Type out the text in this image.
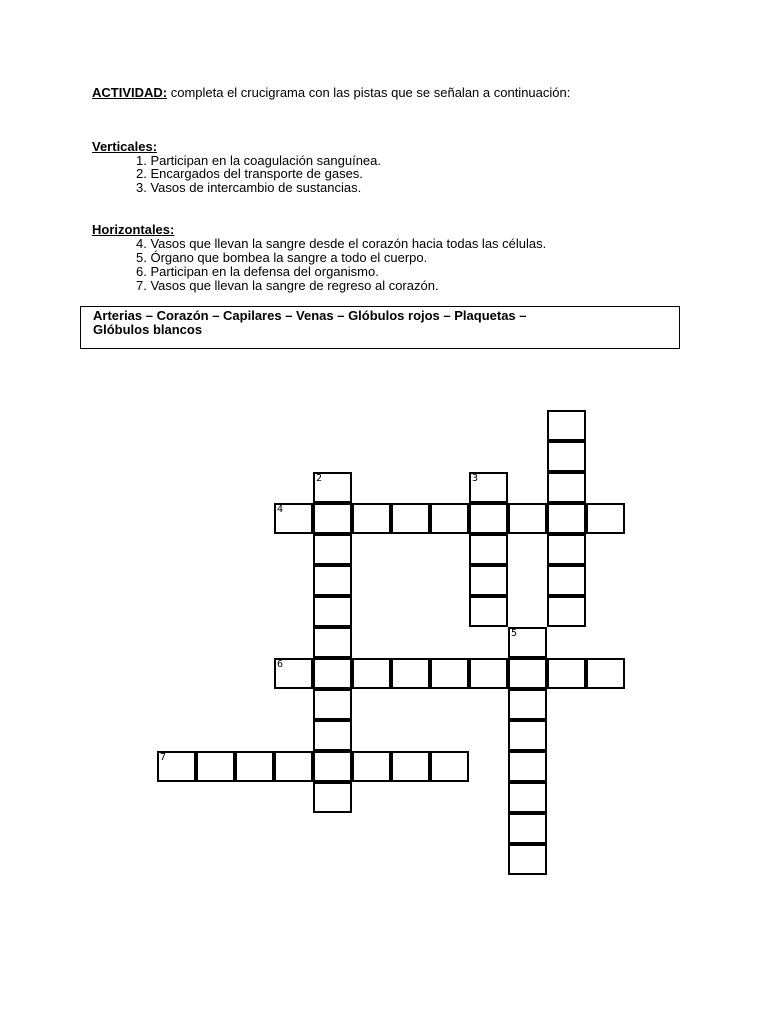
ACTIVIDAD: completa el crucigrama con las pistas que se señalan a continuación:
Verticales:
1. Participan en la coagulación sanguínea.
2. Encargados del transporte de gases.
3. Vasos de intercambio de sustancias.
Horizontales:
4. Vasos que llevan la sangre desde el corazón hacia todas las células.
5. Órgano que bombea la sangre a todo el cuerpo.
6. Participan en la defensa del organismo.
7. Vasos que llevan la sangre de regreso al corazón.
Arterias – Corazón – Capilares – Venas – Glóbulos rojos – Plaquetas –
Glóbulos blancos
2	3
4
5
6
7
